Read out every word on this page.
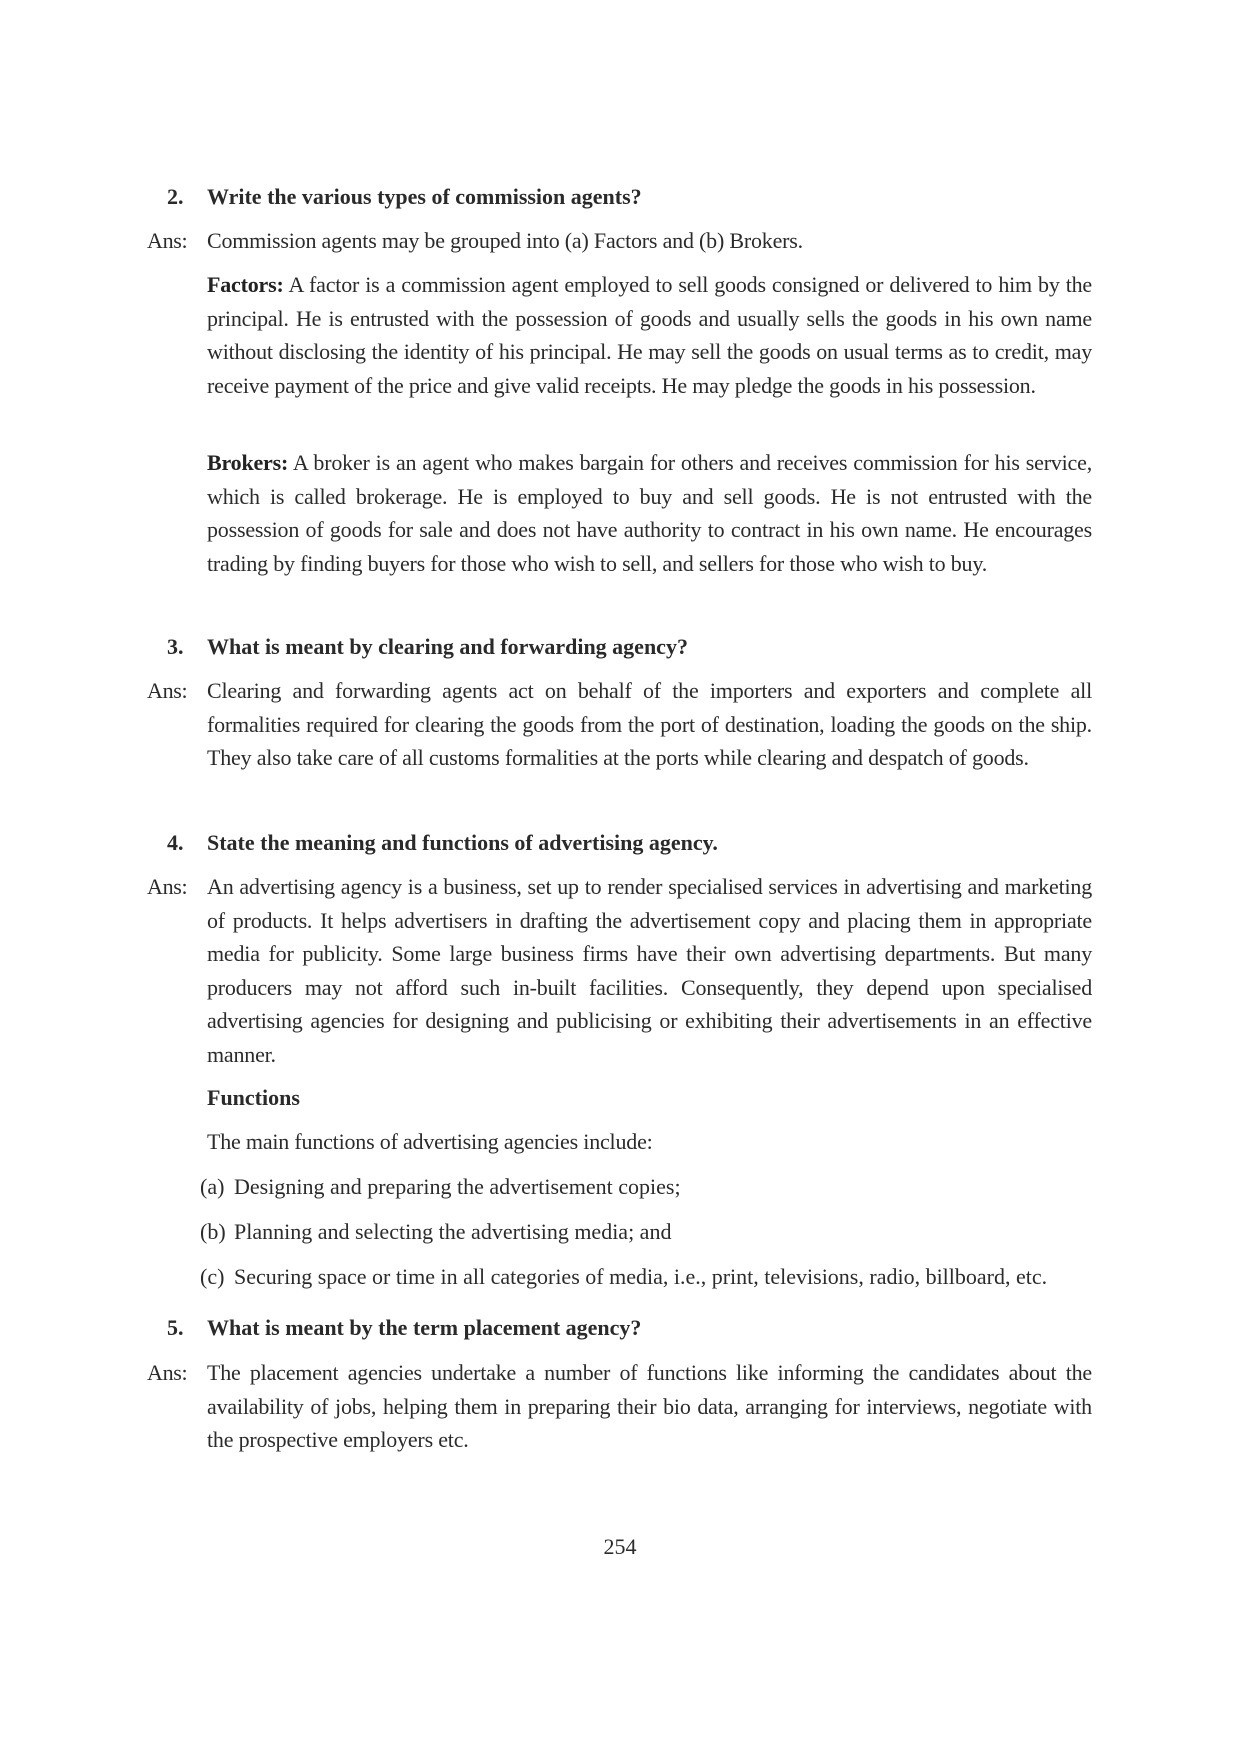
2. Write the various types of commission agents?
Ans: Commission agents may be grouped into (a) Factors and (b) Brokers.
Factors: A factor is a commission agent employed to sell goods consigned or delivered to him by the principal. He is entrusted with the possession of goods and usually sells the goods in his own name without disclosing the identity of his principal. He may sell the goods on usual terms as to credit, may receive payment of the price and give valid receipts. He may pledge the goods in his possession.
Brokers: A broker is an agent who makes bargain for others and receives commission for his service, which is called brokerage. He is employed to buy and sell goods. He is not entrusted with the possession of goods for sale and does not have authority to contract in his own name. He encourages trading by finding buyers for those who wish to sell, and sellers for those who wish to buy.
3. What is meant by clearing and forwarding agency?
Ans: Clearing and forwarding agents act on behalf of the importers and exporters and complete all formalities required for clearing the goods from the port of destination, loading the goods on the ship. They also take care of all customs formalities at the ports while clearing and despatch of goods.
4. State the meaning and functions of advertising agency.
Ans: An advertising agency is a business, set up to render specialised services in advertising and marketing of products. It helps advertisers in drafting the advertisement copy and placing them in appropriate media for publicity. Some large business firms have their own advertising departments. But many producers may not afford such in-built facilities. Consequently, they depend upon specialised advertising agencies for designing and publicising or exhibiting their advertisements in an effective manner.
Functions
The main functions of advertising agencies include:
(a) Designing and preparing the advertisement copies;
(b) Planning and selecting the advertising media; and
(c) Securing space or time in all categories of media, i.e., print, televisions, radio, billboard, etc.
5. What is meant by the term placement agency?
Ans: The placement agencies undertake a number of functions like informing the candidates about the availability of jobs, helping them in preparing their bio data, arranging for interviews, negotiate with the prospective employers etc.
254
